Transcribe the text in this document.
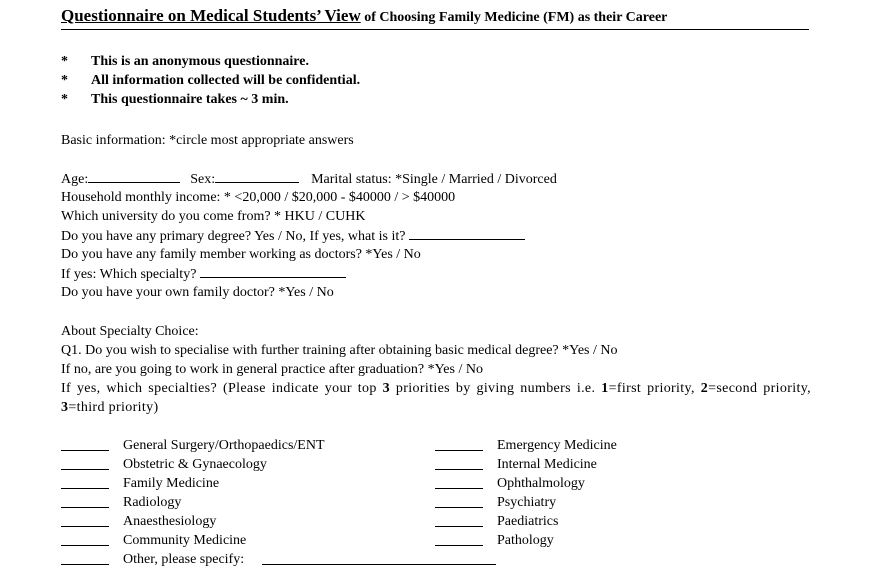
Questionnaire on Medical Students’ View of Choosing Family Medicine (FM) as their Career
* This is an anonymous questionnaire.
* All information collected will be confidential.
* This questionnaire takes ~ 3 min.
Basic information: *circle most appropriate answers
Age:	Sex:	Marital status: *Single / Married / Divorced
Household monthly income: * <20,000 / $20,000 - $40000 / > $40000
Which university do you come from? * HKU / CUHK
Do you have any primary degree? Yes / No, If yes, what is it?
Do you have any family member working as doctors? *Yes / No
If yes: Which specialty?
Do you have your own family doctor? *Yes / No
About Specialty Choice:
Q1. Do you wish to specialise with further training after obtaining basic medical degree? *Yes / No
If no, are you going to work in general practice after graduation? *Yes / No
If yes, which specialties? (Please indicate your top 3 priorities by giving numbers i.e. 1=first priority, 2=second priority, 3=third priority)
General Surgery/Orthopaedics/ENT
Obstetric & Gynaecology
Family Medicine
Radiology
Anaesthesiology
Community Medicine
Other, please specify:
Emergency Medicine
Internal Medicine
Ophthalmology
Psychiatry
Paediatrics
Pathology
